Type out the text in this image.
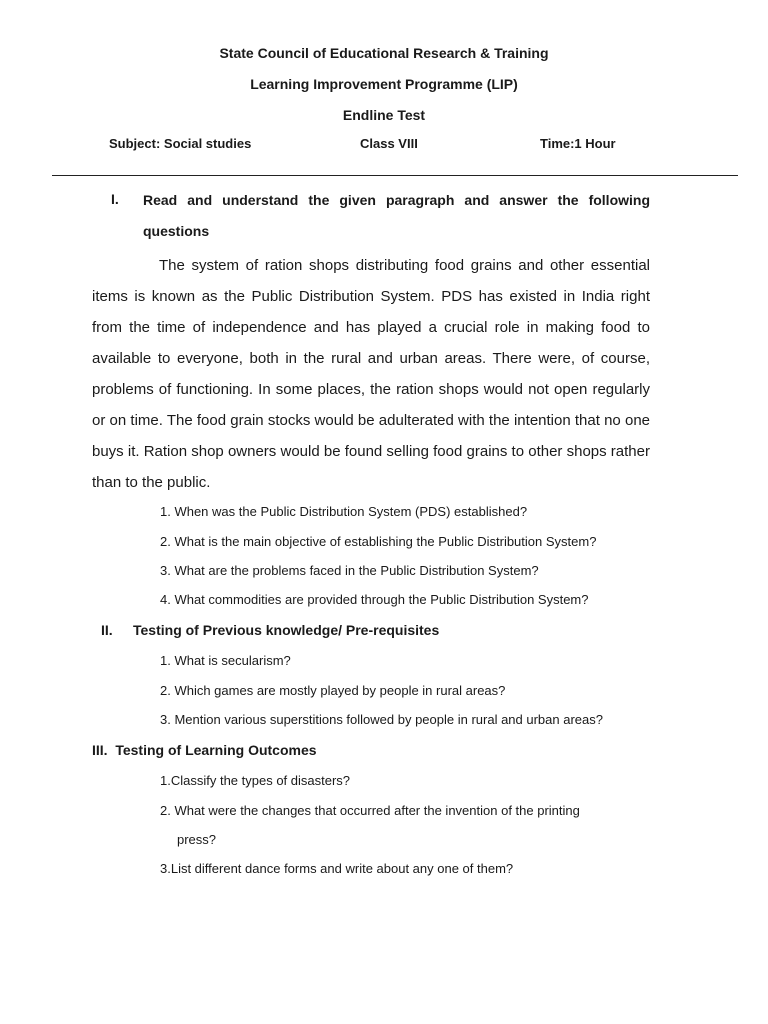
State Council of Educational Research & Training
Learning Improvement Programme (LIP)
Endline Test
Subject: Social studies	Class VIII	Time:1 Hour
I. Read and understand the given paragraph and answer the following questions

The system of ration shops distributing food grains and other essential items is known as the Public Distribution System. PDS has existed in India right from the time of independence and has played a crucial role in making food to available to everyone, both in the rural and urban areas. There were, of course, problems of functioning. In some places, the ration shops would not open regularly or on time. The food grain stocks would be adulterated with the intention that no one buys it. Ration shop owners would be found selling food grains to other shops rather than to the public.

1. When was the Public Distribution System (PDS) established?
2. What is the main objective of establishing the Public Distribution System?
3. What are the problems faced in the Public Distribution System?
4. What commodities are provided through the Public Distribution System?
II. Testing of Previous knowledge/ Pre-requisites
1. What is secularism?
2. Which games are mostly played by people in rural areas?
3. Mention various superstitions followed by people in rural and urban areas?
III.  Testing of Learning Outcomes
1.Classify the types of disasters?
2. What were the changes that occurred after the invention of the printing
press?
3.List different dance forms and write about any one of them?
